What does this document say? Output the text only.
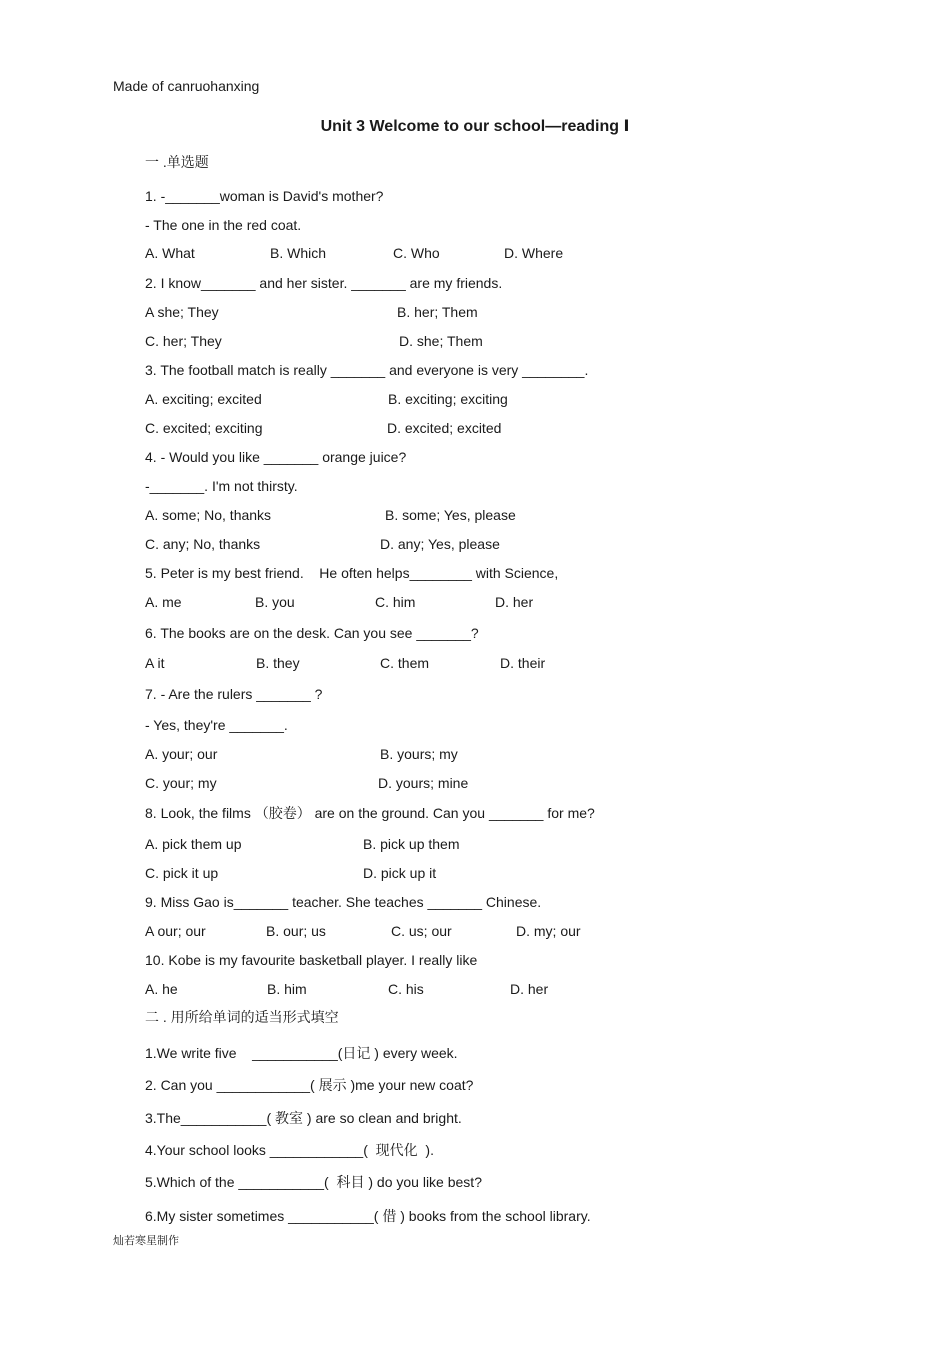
Made of canruohanxing
Unit 3 Welcome to our school—reading Ⅰ
一 .单选题
1. -_______woman is David's mother?
- The one in the red coat.
A. What	B. Which	C. Who	D. Where
2. I know_______ and her sister. _______ are my friends.
A she; They	B. her; Them
C. her; They	D. she; Them
3. The football match is really _______ and everyone is very ________.
A. exciting; excited	B. exciting; exciting
C. excited; exciting	D. excited; excited
4. - Would you like _______ orange juice?
-_______. I'm not thirsty.
A. some; No, thanks	B. some; Yes, please
C. any; No, thanks	D. any; Yes, please
5. Peter is my best friend.    He often helps________ with Science,
A. me	B. you	C. him	D. her
6. The books are on the desk. Can you see _______?
A it	B. they	C. them	D. their
7. - Are the rulers _______ ?
- Yes, they're _______.
A. your; our	B. yours; my
C. your; my	D. yours; mine
8. Look, the films （胶卷） are on the ground. Can you _______ for me?
A. pick them up	B. pick up them
C. pick it up	D. pick up it
9. Miss Gao is_______ teacher. She teaches _______ Chinese.
A our; our	B. our; us	C. us; our	D. my; our
10. Kobe is my favourite basketball player. I really like
A. he	B. him	C. his	D. her
二 . 用所给单词的适当形式填空
1.We write five    ___________(日记 ) every week.
2. Can you ____________( 展示 )me your new coat?
3.The___________( 教室 ) are so clean and bright.
4.Your school looks ____________(  现代化  ).
5.Which of the ___________(  科目 ) do you like best?
6.My sister sometimes ___________( 借 ) books from the school library.
灿若寒星制作
